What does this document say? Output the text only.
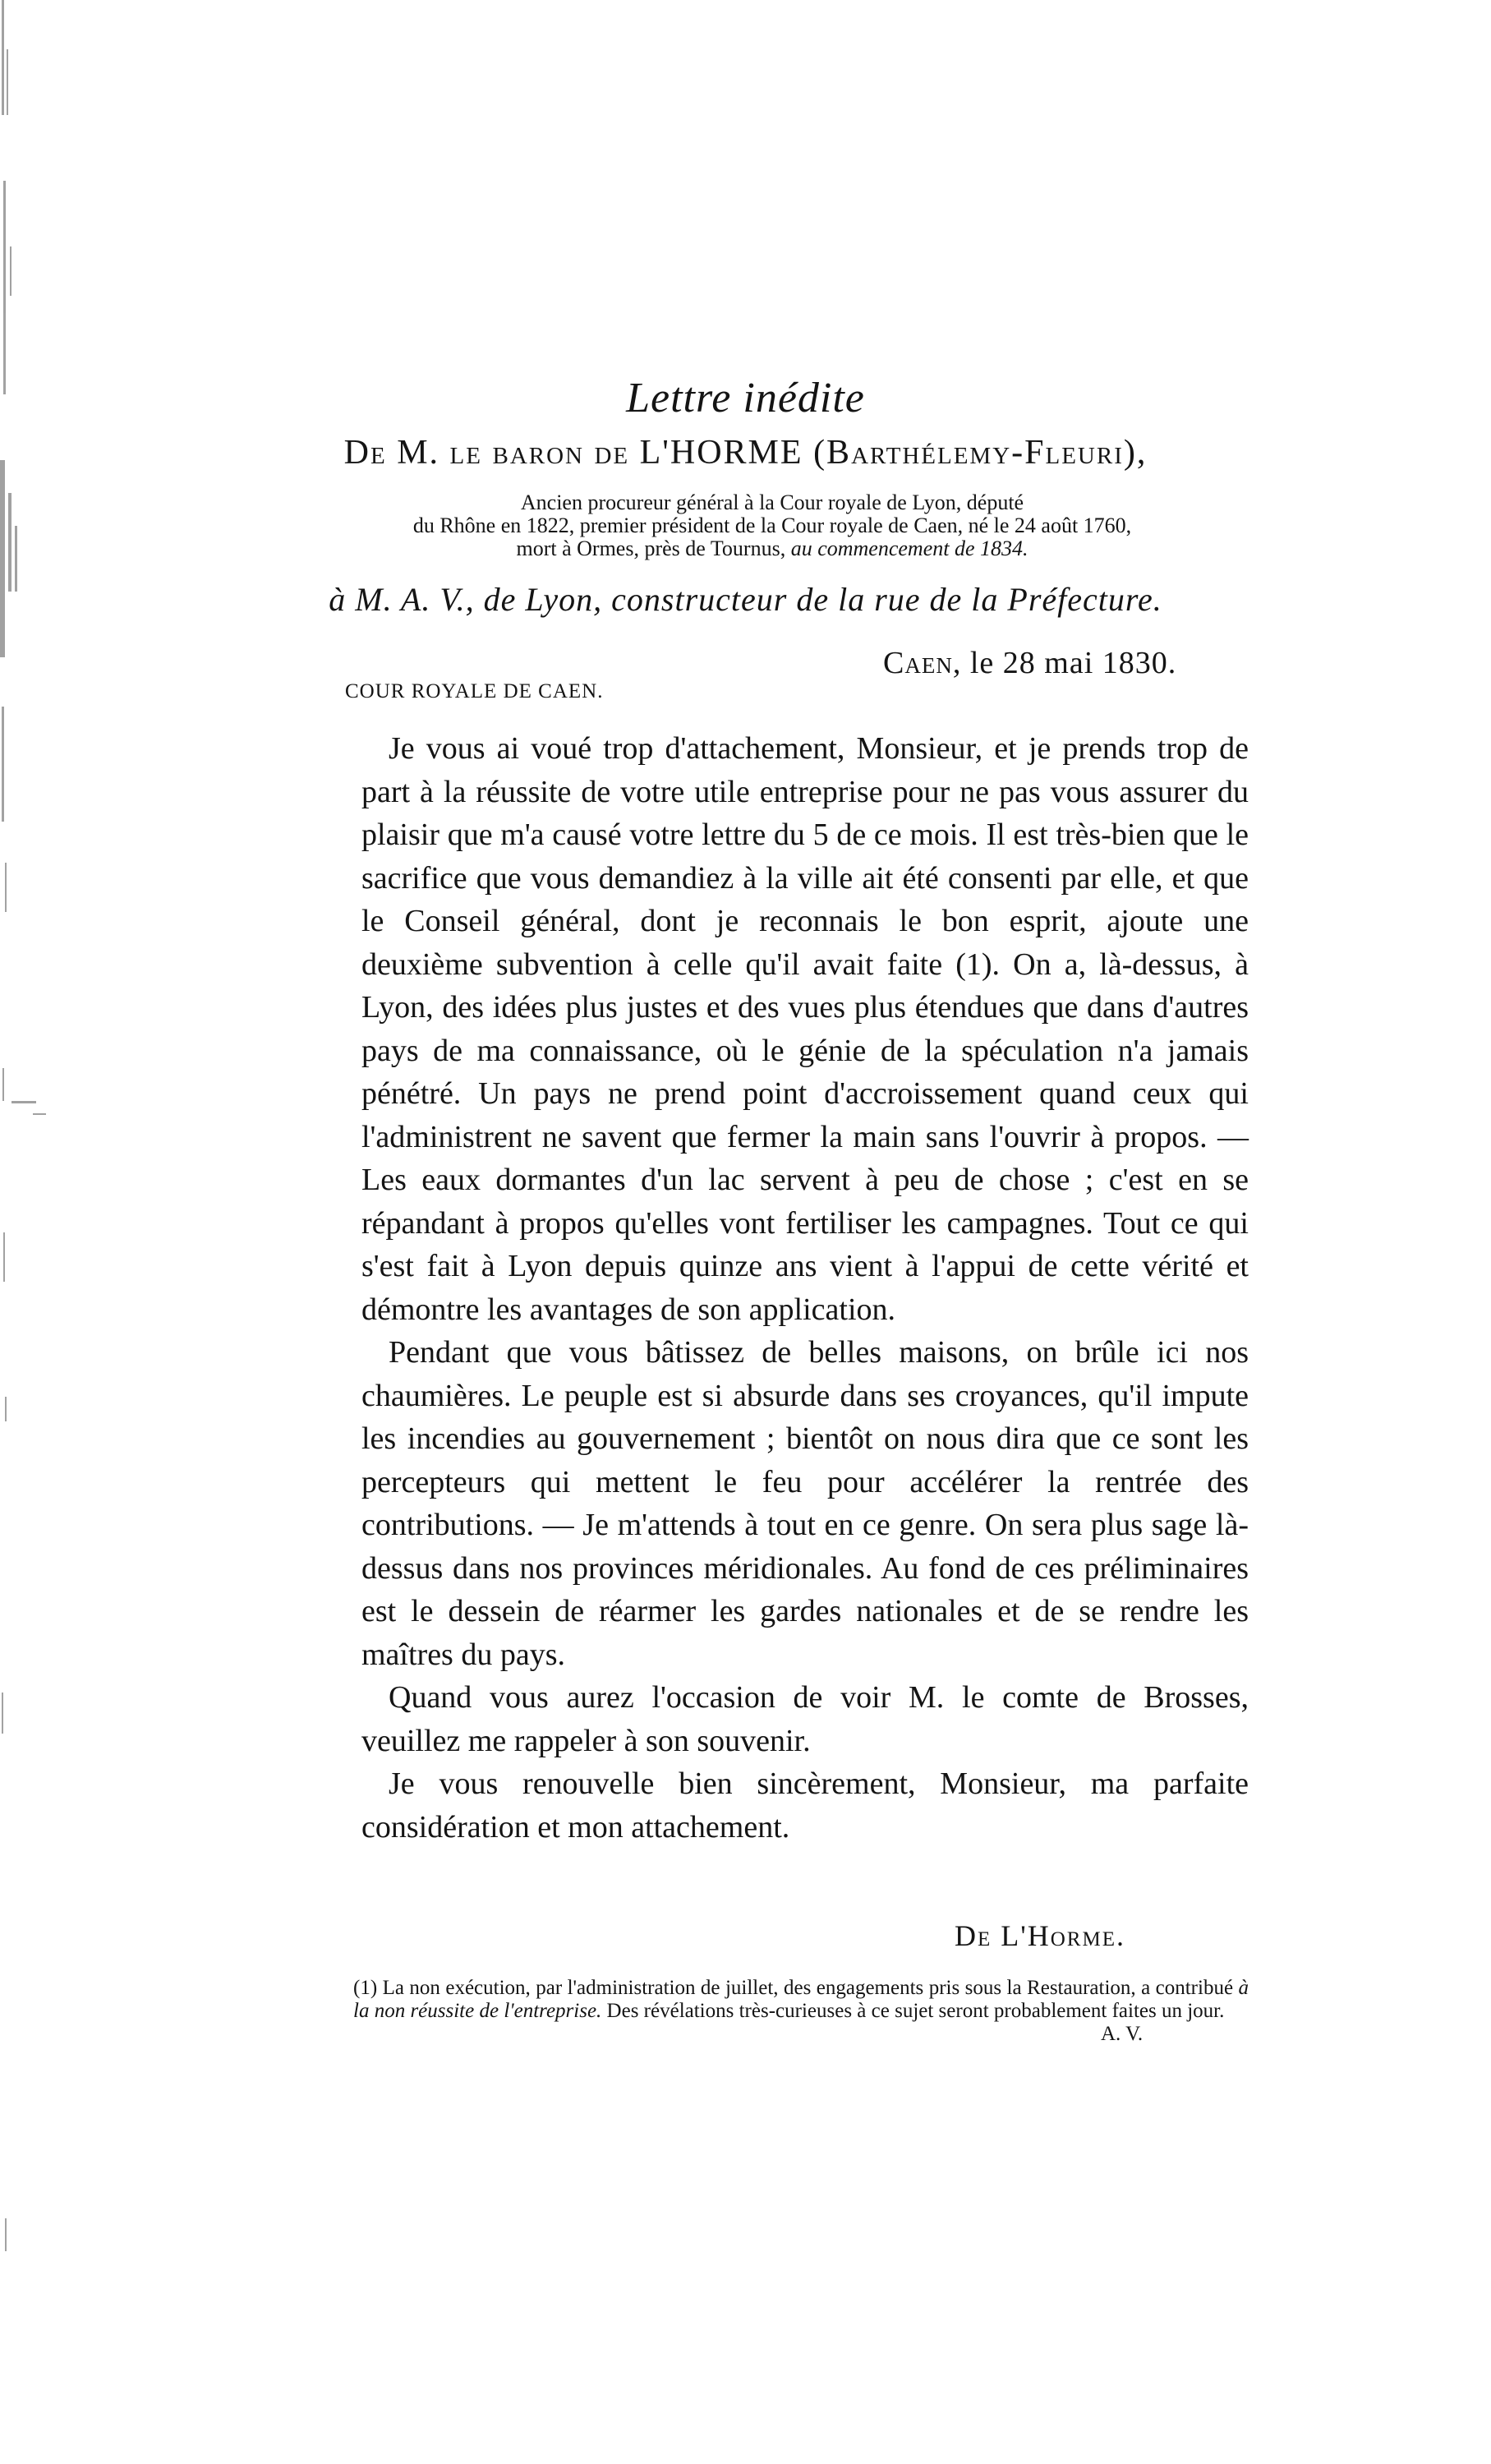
Lettre inédite
De M. le baron de L'HORME (Barthélemy-Fleuri),
Ancien procureur général à la Cour royale de Lyon, député
du Rhône en 1822, premier président de la Cour royale de Caen, né le 24 août 1760,
mort à Ormes, près de Tournus, au commencement de 1834.
à M. A. V., de Lyon, constructeur de la rue de la Préfecture.
Caen, le 28 mai 1830.
COUR ROYALE DE CAEN.

Je vous ai voué trop d'attachement, Monsieur, et je prends trop de part à la réussite de votre utile entreprise pour ne pas vous assurer du plaisir que m'a causé votre lettre du 5 de ce mois. Il est très-bien que le sacrifice que vous demandiez à la ville ait été consenti par elle, et que le Conseil général, dont je reconnais le bon esprit, ajoute une deuxième subvention à celle qu'il avait faite (1). On a, là-dessus, à Lyon, des idées plus justes et des vues plus étendues que dans d'autres pays de ma connaissance, où le génie de la spéculation n'a jamais pénétré. Un pays ne prend point d'accroissement quand ceux qui l'administrent ne savent que fermer la main sans l'ouvrir à propos. — Les eaux dormantes d'un lac servent à peu de chose ; c'est en se répandant à propos qu'elles vont fertiliser les campagnes. Tout ce qui s'est fait à Lyon depuis quinze ans vient à l'appui de cette vérité et démontre les avantages de son application.

Pendant que vous bâtissez de belles maisons, on brûle ici nos chaumières. Le peuple est si absurde dans ses croyances, qu'il impute les incendies au gouvernement ; bientôt on nous dira que ce sont les percepteurs qui mettent le feu pour accélérer la rentrée des contributions. — Je m'attends à tout en ce genre. On sera plus sage là-dessus dans nos provinces méridionales. Au fond de ces préliminaires est le dessein de réarmer les gardes nationales et de se rendre les maîtres du pays.

Quand vous aurez l'occasion de voir M. le comte de Brosses, veuillez me rappeler à son souvenir.

Je vous renouvelle bien sincèrement, Monsieur, ma parfaite considération et mon attachement.

De L'Horme.
(1) La non exécution, par l'administration de juillet, des engagements pris sous la Restauration, a contribué à la non réussite de l'entreprise. Des révélations très-curieuses à ce sujet seront probablement faites un jour.
A. V.
